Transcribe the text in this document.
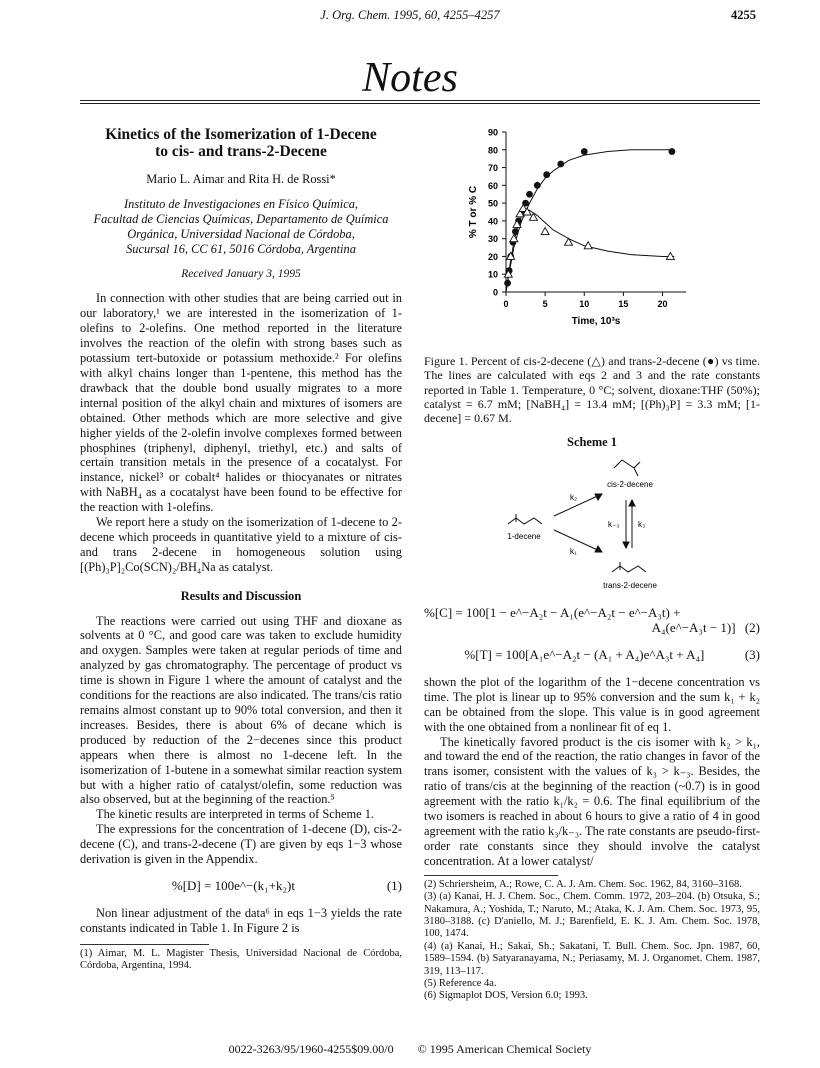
J. Org. Chem. 1995, 60, 4255–4257	4255
Notes
Kinetics of the Isomerization of 1-Decene
to cis- and trans-2-Decene
Mario L. Aimar and Rita H. de Rossi*
Instituto de Investigaciones en Físico Química,
Facultad de Ciencias Químicas, Departamento de Química
Orgánica, Universidad Nacional de Córdoba,
Sucursal 16, CC 61, 5016 Córdoba, Argentina
Received January 3, 1995

In connection with other studies that are being carried out in our laboratory,¹ we are interested in the isomerization of 1-olefins to 2-olefins. One method reported in the literature involves the reaction of the olefin with strong bases such as potassium tert-butoxide or potassium methoxide.² For olefins with alkyl chains longer than 1-pentene, this method has the drawback that the double bond usually migrates to a more internal position of the alkyl chain and mixtures of isomers are obtained. Other methods which are more selective and give higher yields of the 2-olefin involve complexes formed between phosphines (triphenyl, diphenyl, triethyl, etc.) and salts of certain transition metals in the presence of a cocatalyst. For instance, nickel³ or cobalt⁴ halides or thiocyanates or nitrates with NaBH₄ as a cocatalyst have been found to be effective for the reaction with 1-olefins.

We report here a study on the isomerization of 1-decene to 2-decene which proceeds in quantitative yield to a mixture of cis- and trans 2-decene in homogeneous solution using [(Ph)₃P]₂Co(SCN)₂/BH₄Na as catalyst.

Results and Discussion

The reactions were carried out using THF and dioxane as solvents at 0 °C, and good care was taken to exclude humidity and oxygen. Samples were taken at regular periods of time and analyzed by gas chromatography. The percentage of product vs time is shown in Figure 1 where the amount of catalyst and the conditions for the reactions are also indicated. The trans/cis ratio remains almost constant up to 90% total conversion, and then it increases. Besides, there is about 6% of decane which is produced by reduction of the 2−decenes since this product appears when there is almost no 1-decene left. In the isomerization of 1-butene in a somewhat similar reaction system but with a higher ratio of catalyst/olefin, some reduction was also observed, but at the beginning of the reaction.⁵

The kinetic results are interpreted in terms of Scheme 1.

The expressions for the concentration of 1-decene (D), cis-2-decene (C), and trans-2-decene (T) are given by eqs 1−3 whose derivation is given in the Appendix.

%[D] = 100e^−(k₁+k₂)t	(1)

Non linear adjustment of the data⁶ in eqs 1−3 yields the rate constants indicated in Table 1. In Figure 2 is

(1) Aimar, M. L. Magister Thesis, Universidad Nacional de Córdoba, Córdoba, Argentina, 1994.
0
10
20
30
40
50
60
70
80
90
0	5	10	15	20
Time, 10³s
% T or % C
Figure 1. Percent of cis-2-decene (△) and trans-2-decene (●) vs time. The lines are calculated with eqs 2 and 3 and the rate constants reported in Table 1. Temperature, 0 °C; solvent, dioxane:THF (50%); catalyst = 6.7 mM; [NaBH₄] = 13.4 mM; [(Ph)₃P] = 3.3 mM; [1-decene] = 0.67 M.
Scheme 1
cis-2-decene
1-decene
k₂
k₁
k₋₃ k₃
trans-2-decene
%[C] = 100[1 − e^−A₂t − A₁(e^−A₂t − e^−A₃t) +
A₄(e^−A₃t − 1)] (2)
%[T] = 100[A₁e^−A₂t − (A₁ + A₄)e^A₃t + A₄]	(3)

shown the plot of the logarithm of the 1−decene concentration vs time. The plot is linear up to 95% conversion and the sum k₁ + k₂ can be obtained from the slope. This value is in good agreement with the one obtained from a nonlinear fit of eq 1.

The kinetically favored product is the cis isomer with k₂ > k₁, and toward the end of the reaction, the ratio changes in favor of the trans isomer, consistent with the values of k₃ > k₋₃. Besides, the ratio of trans/cis at the beginning of the reaction (~0.7) is in good agreement with the ratio k₁/k₂ = 0.6. The final equilibrium of the two isomers is reached in about 6 hours to give a ratio of 4 in good agreement with the ratio k₃/k₋₃. The rate constants are pseudo-first-order rate constants since they should involve the catalyst concentration. At a lower catalyst/

(2) Schriersheim, A.; Rowe, C. A. J. Am. Chem. Soc. 1962, 84, 3160–3168.
(3) (a) Kanai, H. J. Chem. Soc., Chem. Comm. 1972, 203–204. (b) Otsuka, S.; Nakamura, A.; Yoshida, T.; Naruto, M.; Ataka, K. J. Am. Chem. Soc. 1973, 95, 3180–3188. (c) D'aniello, M. J.; Barenfield, E. K. J. Am. Chem. Soc. 1978, 100, 1474.
(4) (a) Kanai, H.; Sakai, Sh.; Sakatani, T. Bull. Chem. Soc. Jpn. 1987, 60, 1589–1594. (b) Satyaranayama, N.; Periasamy, M. J. Organomet. Chem. 1987, 319, 113–117.
(5) Reference 4a.
(6) Sigmaplot DOS, Version 6.0; 1993.
0022-3263/95/1960-4255$09.00/0 © 1995 American Chemical Society
